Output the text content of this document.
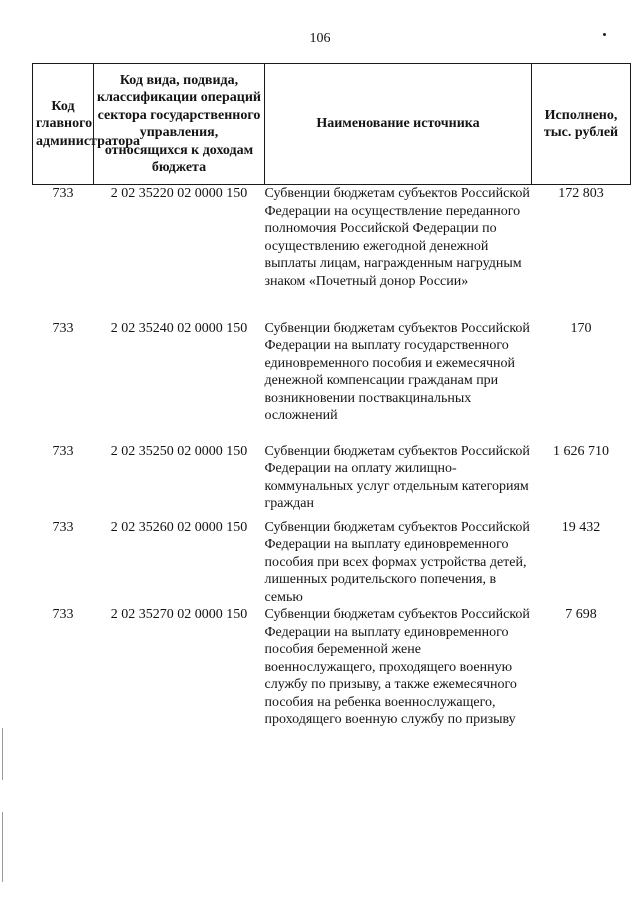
106
Код главного администратора	Код вида, подвида, классификации операций сектора государственного управления, относящихся к доходам бюджета	Наименование источника	Исполнено, тыс. рублей
733	2 02 35220 02 0000 150	Субвенции бюджетам субъектов Российской Федерации на осуществление переданного полномочия Российской Федерации по осуществлению ежегодной денежной выплаты лицам, награжденным нагрудным знаком «Почетный донор России»	172 803
733	2 02 35240 02 0000 150	Субвенции бюджетам субъектов Российской Федерации на выплату государственного единовременного пособия и ежемесячной денежной компенсации гражданам при возникновении поствакцинальных осложнений	170
733	2 02 35250 02 0000 150	Субвенции бюджетам субъектов Российской Федерации на оплату жилищно-коммунальных услуг отдельным категориям граждан	1 626 710
733	2 02 35260 02 0000 150	Субвенции бюджетам субъектов Российской Федерации на выплату единовременного пособия при всех формах устройства детей, лишенных родительского попечения, в семью	19 432
733	2 02 35270 02 0000 150	Субвенции бюджетам субъектов Российской Федерации на выплату единовременного пособия беременной жене военнослужащего, проходящего военную службу по призыву, а также ежемесячного пособия на ребенка военнослужащего, проходящего военную службу по призыву	7 698
